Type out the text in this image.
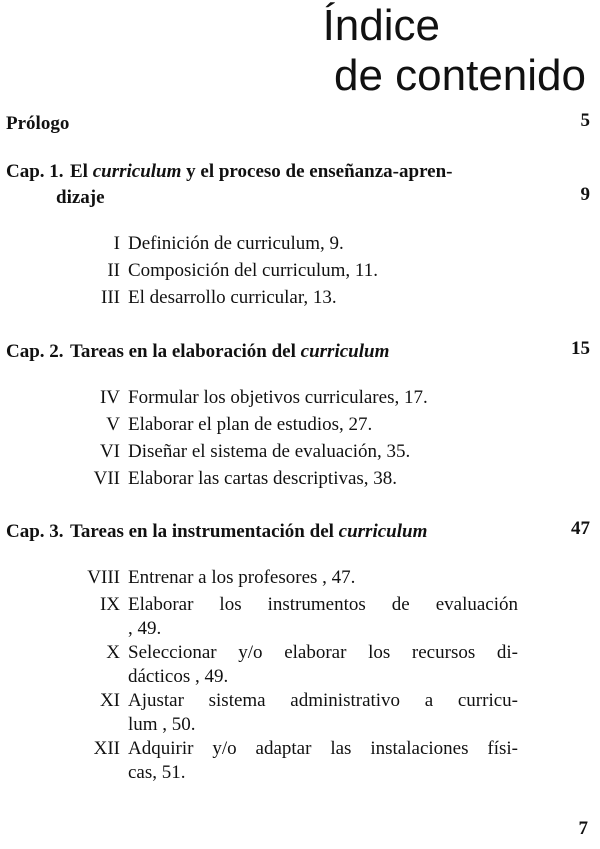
Índice
de contenido
Prólogo	5
Cap. 1. El curriculum y el proceso de enseñanza-apren-
dizaje	9
I Definición de curriculum, 9.
II Composición del curriculum, 11.
III El desarrollo curricular, 13.
Cap. 2. Tareas en la elaboración del curriculum	15
IV Formular los objetivos curriculares, 17.
V Elaborar el plan de estudios, 27.
VI Diseñar el sistema de evaluación, 35.
VII Elaborar las cartas descriptivas, 38.
Cap. 3. Tareas en la instrumentación del curriculum	47
VIII Entrenar a los profesores , 47.
IX Elaborar los instrumentos de evaluación
, 49.
X Seleccionar y/o elaborar los recursos di-
dácticos , 49.
XI Ajustar sistema administrativo a curricu-
lum , 50.
XII Adquirir y/o adaptar las instalaciones físi-
cas, 51.
7
